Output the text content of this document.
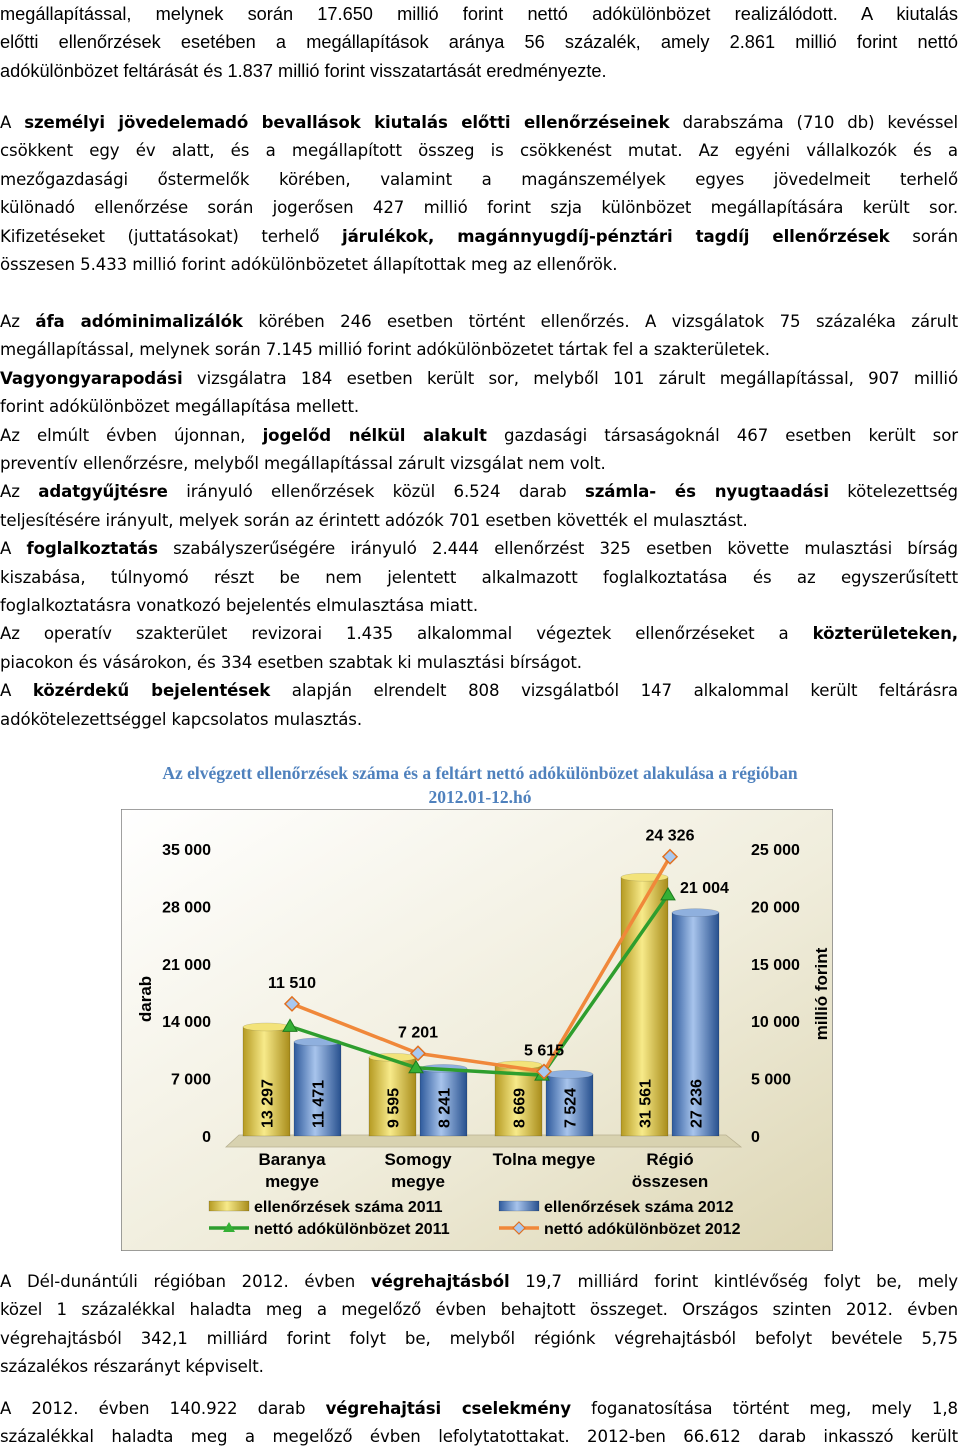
megállapítással, melynek során 17.650 millió forint nettó adókülönbözet realizálódott. A kiutalás
előtti ellenőrzések esetében a megállapítások aránya 56 százalék, amely 2.861 millió forint nettó
adókülönbözet feltárását és 1.837 millió forint visszatartását eredményezte.
A személyi jövedelemadó bevallások kiutalás előtti ellenőrzéseinek darabszáma (710 db) kevéssel
csökkent egy év alatt, és a megállapított összeg is csökkenést mutat. Az egyéni vállalkozók és a
mezőgazdasági őstermelők körében, valamint a magánszemélyek egyes jövedelmeit terhelő
különadó ellenőrzése során jogerősen 427 millió forint szja különbözet megállapítására került sor.
Kifizetéseket (juttatásokat) terhelő járulékok, magánnyugdíj-pénztári tagdíj ellenőrzések során
összesen 5.433 millió forint adókülönbözetet állapítottak meg az ellenőrök.
Az áfa adóminimalizálók körében 246 esetben történt ellenőrzés. A vizsgálatok 75 százaléka zárult
megállapítással, melynek során 7.145 millió forint adókülönbözetet tártak fel a szakterületek.
Vagyongyarapodási vizsgálatra 184 esetben került sor, melyből 101 zárult megállapítással, 907 millió
forint adókülönbözet megállapítása mellett.
Az elmúlt évben újonnan, jogelőd nélkül alakult gazdasági társaságoknál 467 esetben került sor
preventív ellenőrzésre, melyből megállapítással zárult vizsgálat nem volt.
Az adatgyűjtésre irányuló ellenőrzések közül 6.524 darab számla- és nyugtaadási kötelezettség
teljesítésére irányult, melyek során az érintett adózók 701 esetben követték el mulasztást.
A foglalkoztatás szabályszerűségére irányuló 2.444 ellenőrzést 325 esetben követte mulasztási bírság
kiszabása, túlnyomó részt be nem jelentett alkalmazott foglalkoztatása és az egyszerűsített
foglalkoztatásra vonatkozó bejelentés elmulasztása miatt.
Az operatív szakterület revizorai 1.435 alkalommal végeztek ellenőrzéseket a közterületeken,
piacokon és vásárokon, és 334 esetben szabtak ki mulasztási bírságot.
A közérdekű bejelentések alapján elrendelt 808 vizsgálatból 147 alkalommal került feltárásra
adókötelezettséggel kapcsolatos mulasztás.
Az elvégzett ellenőrzések száma és a feltárt nettó adókülönbözet alakulása a régióban
2012.01-12.hó
0
7 000
14 000
21 000
28 000
35 000
0
5 000
10 000
15 000
20 000
25 000
darab	millió forint
13 297	9 595	8 669	31 561
11 471	8 241	7 524	27 236
21 004
11 510
7 201
5 615
24 326
Baranya
megye
Somogy
megye
Tolna megye	Régió
összesen
ellenőrzések száma 2011	ellenőrzések száma 2012
nettó adókülönbözet 2011	nettó adókülönbözet 2012
A Dél-dunántúli régióban 2012. évben végrehajtásból 19,7 milliárd forint kintlévőség folyt be, mely
közel 1 százalékkal haladta meg a megelőző évben behajtott összeget. Országos szinten 2012. évben
végrehajtásból 342,1 milliárd forint folyt be, melyből régiónk végrehajtásból befolyt bevétele 5,75
százalékos részarányt képviselt.
A 2012. évben 140.922 darab végrehajtási cselekmény foganatosítása történt meg, mely 1,8
százalékkal haladta meg a megelőző évben lefolytatottakat. 2012-ben 66.612 darab inkasszó került
